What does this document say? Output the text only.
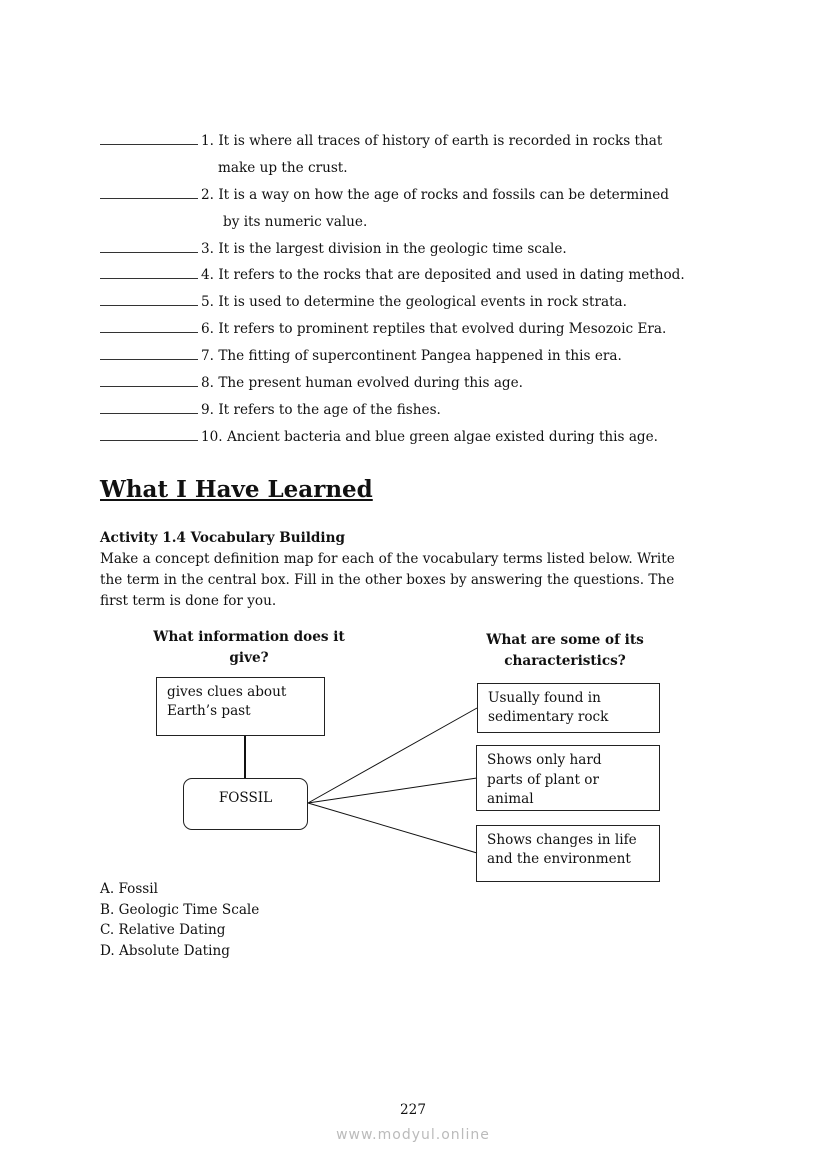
1. It is where all traces of history of earth is recorded in rocks that
make up the crust.
2. It is a way on how the age of rocks and fossils can be determined
by its numeric value.
3. It is the largest division in the geologic time scale.
4. It refers to the rocks that are deposited and used in dating method.
5. It is used to determine the geological events in rock strata.
6. It refers to prominent reptiles that evolved during Mesozoic Era.
7. The fitting of supercontinent Pangea happened in this era.
8. The present human evolved during this age.
9. It refers to the age of the fishes.
10. Ancient bacteria and blue green algae existed during this age.
What I Have Learned
Activity 1.4 Vocabulary Building
Make a concept definition map for each of the vocabulary terms listed below. Write
the term in the central box. Fill in the other boxes by answering the questions. The
first term is done for you.
What information does it
give?
What are some of its
characteristics?
gives clues about
Earth’s past
FOSSIL
Usually found in
sedimentary rock
Shows only hard
parts of plant or
animal
Shows changes in life
and the environment
A. Fossil
B. Geologic Time Scale
C. Relative Dating
D. Absolute Dating
227
www.modyul.online
